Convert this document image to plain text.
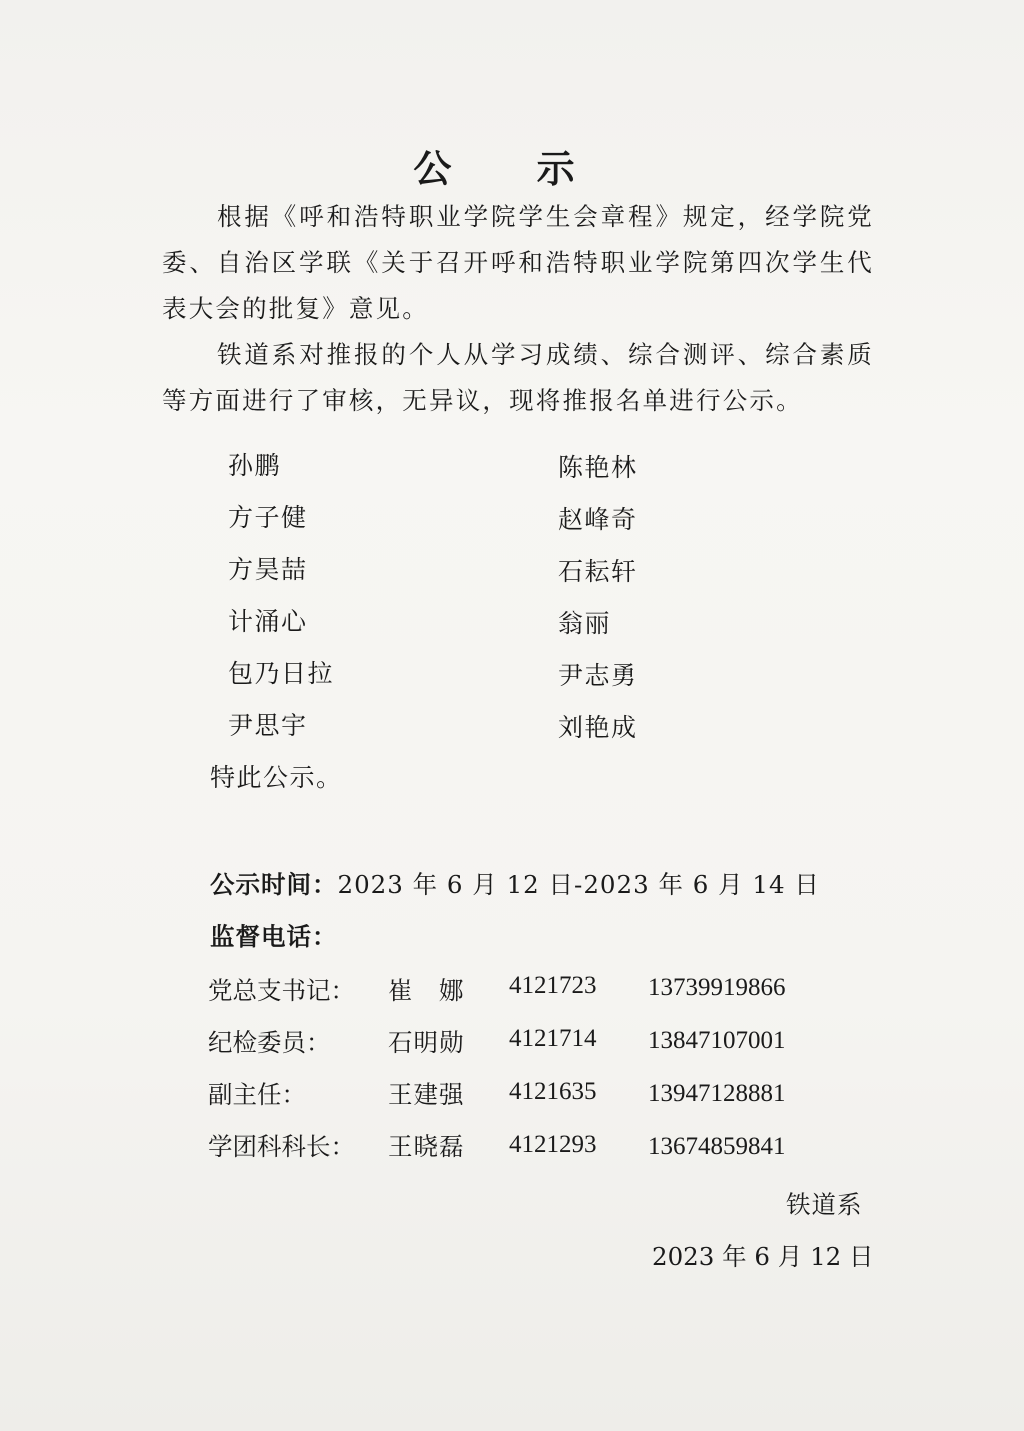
公 示

根据《呼和浩特职业学院学生会章程》规定，经学院党委、自治区学联《关于召开呼和浩特职业学院第四次学生代表大会的批复》意见。

铁道系对推报的个人从学习成绩、综合测评、综合素质等方面进行了审核，无异议，现将推报名单进行公示。

孙鹏
方子健
方昊喆
计涌心
包乃日拉
尹思宇
陈艳林
赵峰奇
石耘轩
翁丽
尹志勇
刘艳成
特此公示。
公示时间：2023 年 6 月 12 日-2023 年 6 月 14 日
监督电话：
党总支书记： 崔　娜 4121723 13739919866
纪检委员： 石明勋 4121714 13847107001
副主任：	王建强 4121635 13947128881
学团科科长： 王晓磊 4121293 13674859841
铁道系
2023 年 6 月 12 日
